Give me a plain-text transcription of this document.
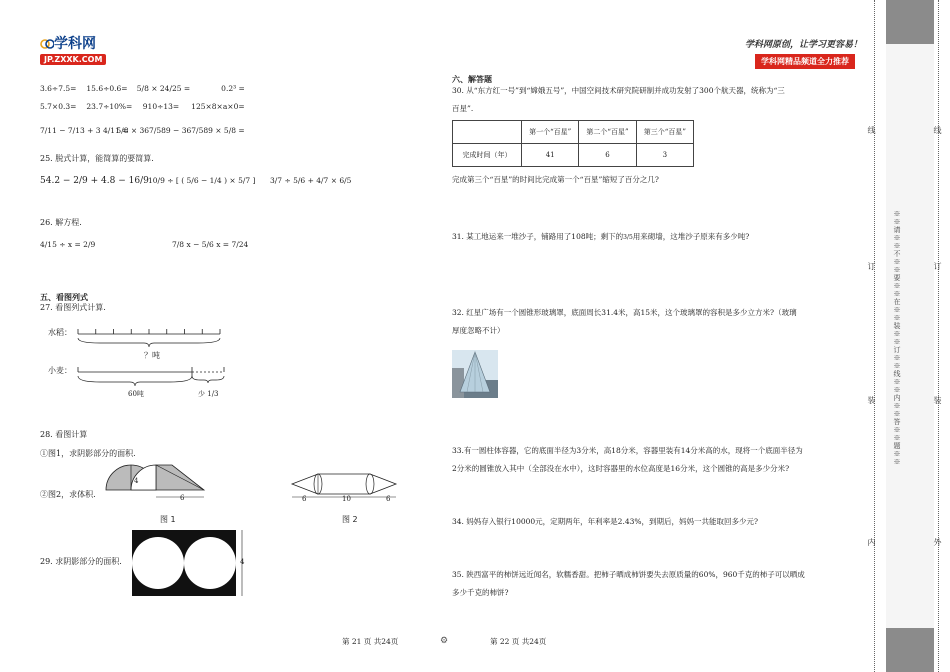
学科网
JP.ZXXK.COM
学科网原创，让学习更容易！
学科网精品频道全力推荐
3.6÷7.5= 15.6÷0.6= 5/8 × 24/25 =	0.2³ =
5.7×0.3= 23.7÷10%= 910÷13= 125×8×a×0=
7/11 − 7/13 + 3 4/11 = 5/8 × 367/589 − 367/589 × 5/8 =
25. 脱式计算，能简算的要简算.
54.2 − 2/9 + 4.8 − 16/9 10/9 ÷ [ ( 5/6 − 1/4 ) × 5/7 ] 3/7 ÷ 5/6 + 4/7 × 6/5
26. 解方程.
4/15 ÷ x = 2/9	7/8 x − 5/6 x = 7/24
五、看图列式
27. 看图列式计算.
水稻：
？吨
小麦：
60吨	少 1/3
28. 看图计算
①图1，求阴影部分的面积.
②图2，求体积.
4
6
图 1
6	10	6
图 2
29. 求阴影部分的面积.	4
六、解答题
30. 从“东方红一号”到“嫦娥五号”，中国空间技术研究院研制并成功发射了300个航天器，统称为“三
百星”.
	第一个“百星”	第二个“百星”	第三个“百星”
完成时间（年）	41	6	3
完成第三个“百星”的时间比完成第一个“百星”缩短了百分之几?
31. 某工地运来一堆沙子，铺路用了108吨；剩下的3/5用来砌墙，这堆沙子原来有多少吨?
32. 红星广场有一个圆锥形玻璃罩，底面周长31.4米，高15米，这个玻璃罩的容积是多少立方米?（玻璃
厚度忽略不计）
33.有一圆柱体容器，它的底面半径为3分米，高18分米，容器里装有14分米高的水，现将一个底面半径为
2分米的圆锥放入其中（全部没在水中），这时容器里的水位高度是16分米，这个圆锥的高是多少分米?
34. 妈妈存入银行10000元，定期两年，年利率是2.43%，到期后，妈妈一共能取回多少元?
35. 陕西富平的柿饼远近闻名，软糯香甜。把柿子晒成柿饼要失去原质量的60%，960千克的柿子可以晒成
多少千克的柿饼?
第 21 页 共24页	⚙	第 22 页 共24页
※※请※※不※※要※※在※※装※※订※※线※※内※※答※※题※※
线
订
装
内
线
订
装
外
